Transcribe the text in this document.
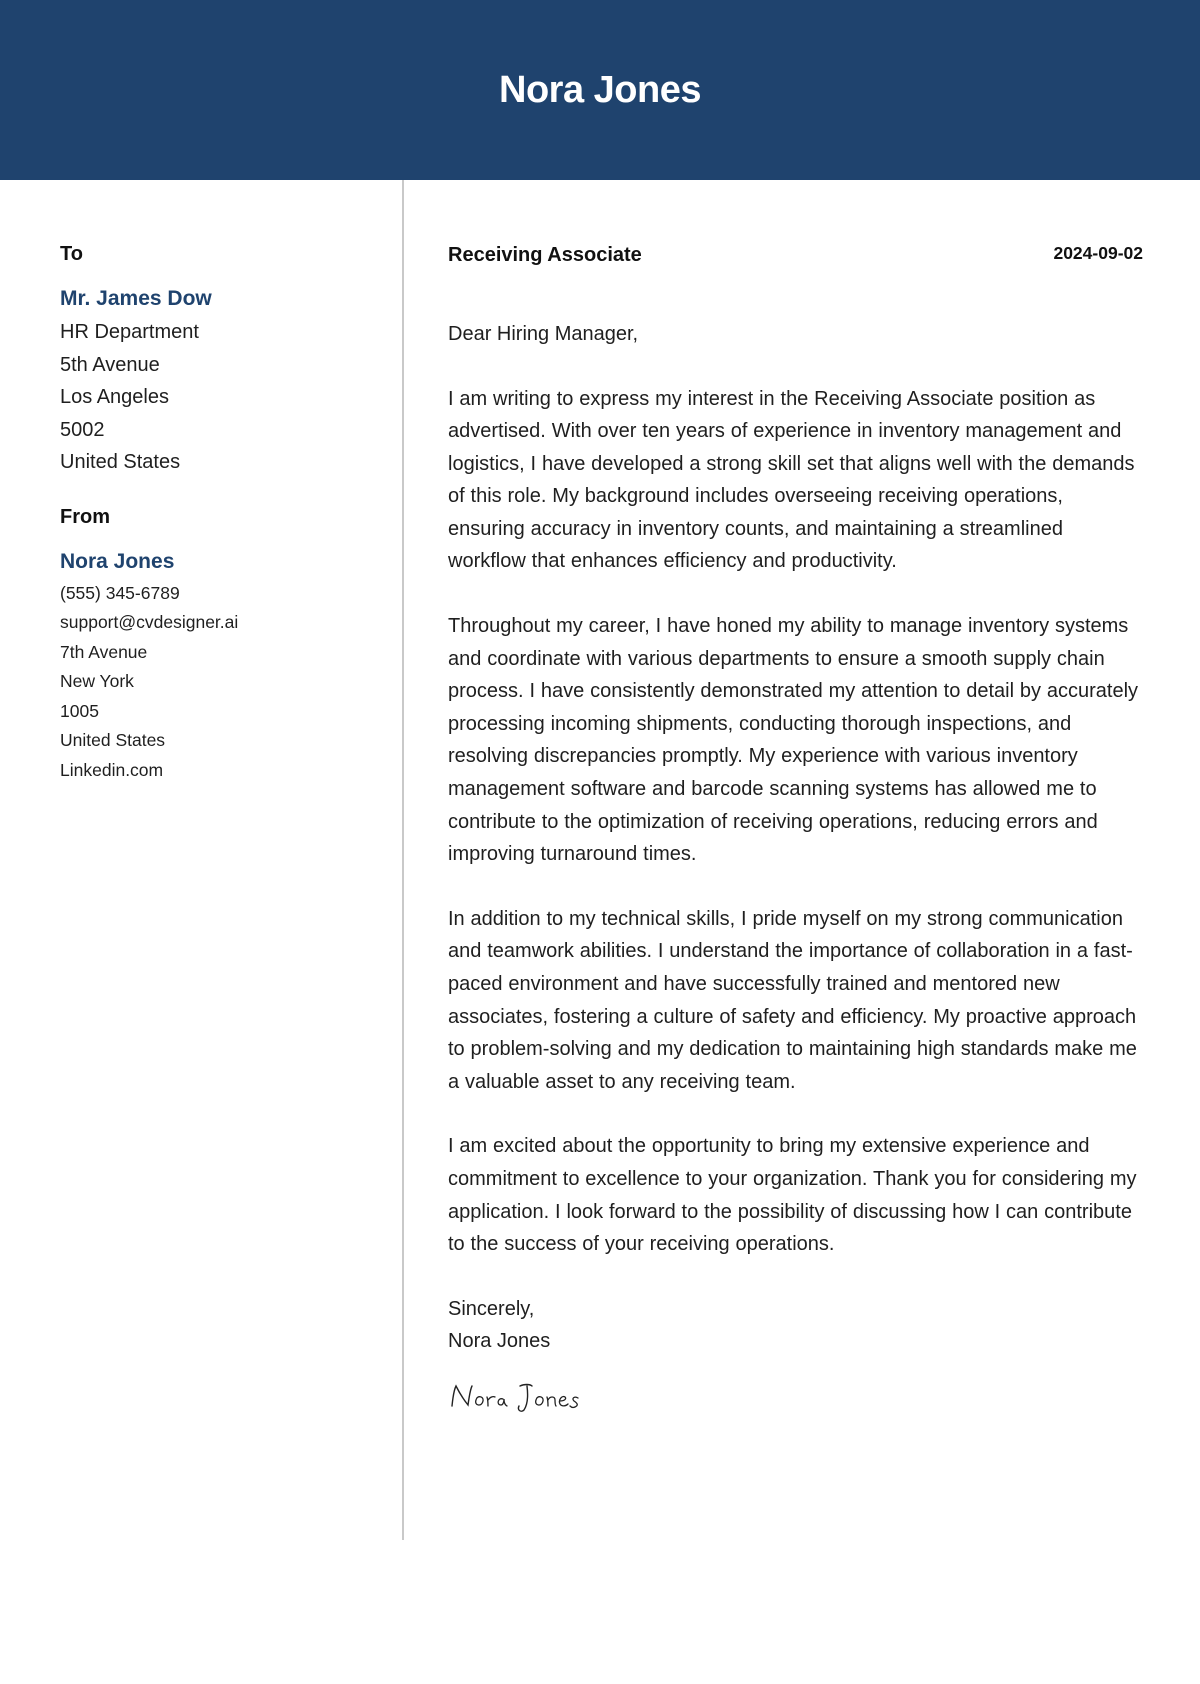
Nora Jones
To
Mr. James Dow
HR Department
5th Avenue
Los Angeles
5002
United States
From
Nora Jones
(555) 345-6789
support@cvdesigner.ai
7th Avenue
New York
1005
United States
Linkedin.com
Receiving Associate	2024-09-02
Dear Hiring Manager,
I am writing to express my interest in the Receiving Associate position as advertised. With over ten years of experience in inventory management and logistics, I have developed a strong skill set that aligns well with the demands of this role. My background includes overseeing receiving operations, ensuring accuracy in inventory counts, and maintaining a streamlined workflow that enhances efficiency and productivity.
Throughout my career, I have honed my ability to manage inventory systems and coordinate with various departments to ensure a smooth supply chain process. I have consistently demonstrated my attention to detail by accurately processing incoming shipments, conducting thorough inspections, and resolving discrepancies promptly. My experience with various inventory management software and barcode scanning systems has allowed me to contribute to the optimization of receiving operations, reducing errors and improving turnaround times.
In addition to my technical skills, I pride myself on my strong communication and teamwork abilities. I understand the importance of collaboration in a fast-paced environment and have successfully trained and mentored new associates, fostering a culture of safety and efficiency. My proactive approach to problem-solving and my dedication to maintaining high standards make me a valuable asset to any receiving team.
I am excited about the opportunity to bring my extensive experience and commitment to excellence to your organization. Thank you for considering my application. I look forward to the possibility of discussing how I can contribute to the success of your receiving operations.
Sincerely,
Nora Jones
